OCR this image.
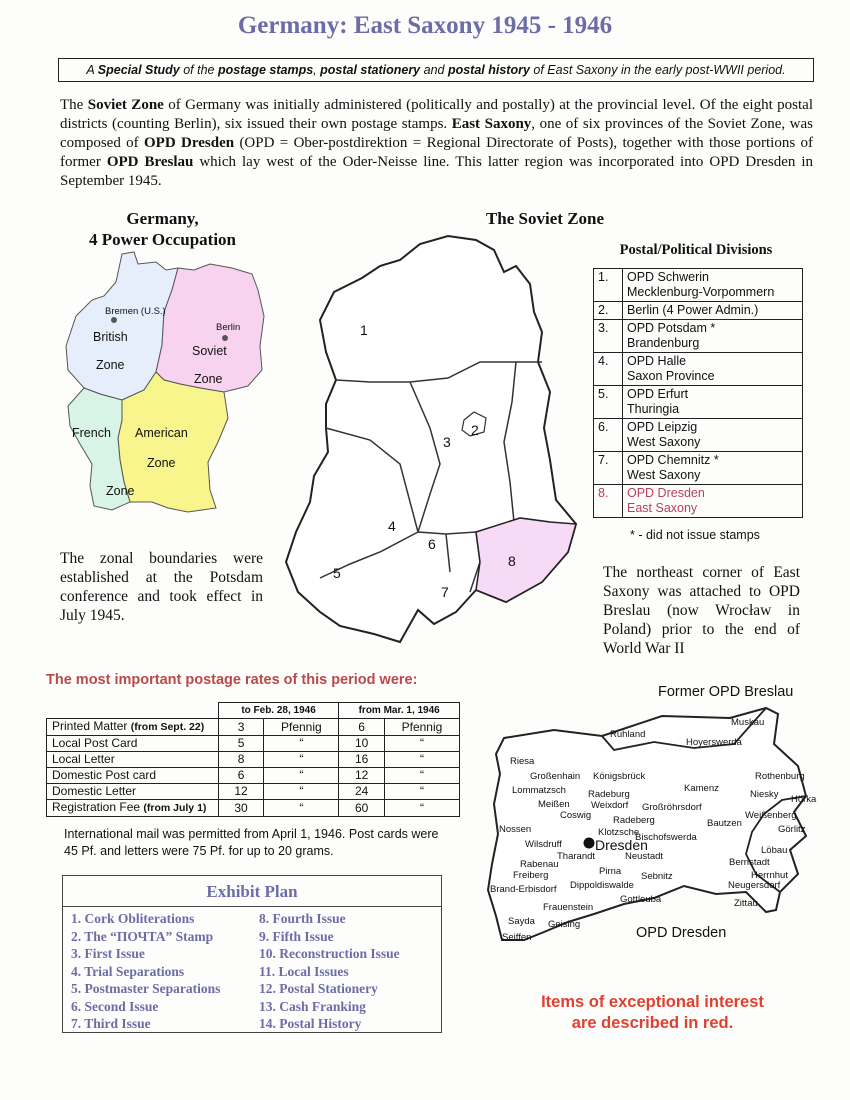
Germany: East Saxony 1945 - 1946
A Special Study of the postage stamps, postal stationery and postal history of East Saxony in the early post-WWII period.
The Soviet Zone of Germany was initially administered (politically and postally) at the provincial level. Of the eight postal districts (counting Berlin), six issued their own postage stamps. East Saxony, one of six provinces of the Soviet Zone, was composed of OPD Dresden (OPD = Ober-postdirektion = Regional Directorate of Posts), together with those portions of former OPD Breslau which lay west of the Oder-Neisse line. This latter region was incorporated into OPD Dresden in September 1945.
Germany,
4 Power Occupation
Bremen (U.S.)
British
Zone
Berlin
Soviet
Zone
French American
Zone
Zone
The Soviet Zone
1
2
3
4
5
6
7
8
Postal/Political Divisions
1.	OPD Schwerin
Mecklenburg-Vorpommern

2.	Berlin (4 Power Admin.)

3.	OPD Potsdam *
Brandenburg

4.	OPD Halle
Saxon Province

5.	OPD Erfurt
Thuringia

6.	OPD Leipzig
West Saxony

7.	OPD Chemnitz *
West Saxony

8.	OPD Dresden
East Saxony
* - did not issue stamps
The zonal boundaries were established at the Potsdam conference and took effect in July 1945.
The northeast corner of East Saxony was attached to OPD Breslau (now Wrocław in Poland) prior to the end of World War II
The most important postage rates of this period were:
	to Feb. 28, 1946		from Mar. 1, 1946	
Printed Matter (from Sept. 22)	3	Pfennig	6	Pfennig
Local Post Card	5	“	10	“
Local Letter	8	“	16	“
Domestic Post card	6	“	12	“
Domestic Letter	12	“	24	“
Registration Fee (from July 1)	30	“	60	“
International mail was permitted from April 1, 1946. Post cards were 45 Pf. and letters were 75 Pf. for up to 20 grams.
Exhibit Plan
1. Cork Obliterations
2. The “ПОЧТА” Stamp
3. First Issue
4. Trial Separations
5. Postmaster Separations
6. Second Issue
7. Third Issue
8. Fourth Issue
9. Fifth Issue
10. Reconstruction Issue
11. Local Issues
12. Postal Stationery
13. Cash Franking
14. Postal History
Former OPD Breslau
Muskau
Ruhland
Hoyerswerda
Riesa
Großenhain Königsbrück
Kamenz
Rothenburg
Lommatzsch Radeburg	Niesky Hörka
Meißen Weixdorf Großröhrsdorf
Coswig Radeberg	Weißenberg
Nossen	Klotzsche
Bautzen
Görlitz
Bischofswerda
Wilsdruff Dresden	Löbau
Tharandt	Neustadt
Rabenau
Freiberg	Pirna
Bernstadt
Sebnitz	Herrnhut
Brand-Erbisdorf Dippoldiswalde	Neugersdorf
Gottleuba	Zittau
Frauenstein
Sayda Geising
Seiffen	OPD Dresden
Items of exceptional interest
are described in red.
